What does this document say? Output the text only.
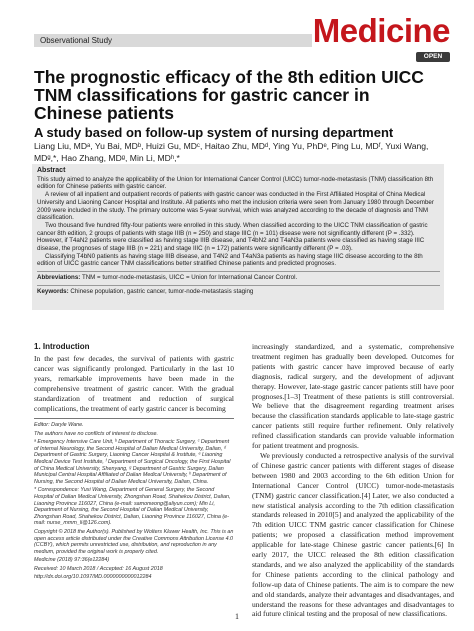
Observational Study	Medicine
OPEN
The prognostic efficacy of the 8th edition UICC TNM classifications for gastric cancer in Chinese patients
A study based on follow-up system of nursing department
Liang Liu, MDᵃ, Yu Bai, MDᵇ, Huizi Gu, MDᶜ, Haitao Zhu, MDᵈ, Ying Yu, PhDᵉ, Ping Lu, MDᶠ, Yuxi Wang, MDᵍ,*, Hao Zhang, MDᵍ, Min Li, MDʰ,*
Abstract

This study aimed to analyze the applicability of the Union for International Cancer Control (UICC) tumor-node-metastasis (TNM) classification 8th edition for Chinese patients with gastric cancer.

A review of all inpatient and outpatient records of patients with gastric cancer was conducted in the First Affiliated Hospital of China Medical University and Liaoning Cancer Hospital and Institute. All patients who met the inclusion criteria were seen from January 1980 through December 2009 were included in the study. The primary outcome was 5-year survival, which was analyzed according to the decade of diagnosis and TNM classification.

Two thousand five hundred fifty-four patients were enrolled in this study. When classified according to the UICC TNM classification of gastric cancer 8th edition, 2 groups of patients with stage IIIB (n = 250) and stage IIIC (n = 101) disease were not significantly different (P = .332). However, if T4aN2 patients were classified as having stage IIIB disease, and T4bN2 and T4aN3a patients were classified as having stage IIIC disease, the prognoses of stage IIIB (n = 221) and stage IIIC (n = 172) patients were significantly different (P = .03).

Classifying T4bN0 patients as having stage IIIB disease, and T4N2 and T4aN3a patients as having stage IIIC disease according to the 8th edition of UICC gastric cancer TNM classifications better stratified Chinese patients and predicted prognoses.

Abbreviations: TNM = tumor-node-metastasis, UICC = Union for International Cancer Control.
Keywords: Chinese population, gastric cancer, tumor-node-metastasis staging
1. Introduction

In the past few decades, the survival of patients with gastric cancer was significantly prolonged. Particularly in the last 10 years, remarkable improvements have been made in the comprehensive treatment of gastric cancer. With the gradual standardization of treatment and reduction of surgical complications, the treatment of early gastric cancer is becoming

Editor: Daryle Wane.

The authors have no conflicts of interest to disclose.

ᵃ Emergency Intensive Care Unit, ᵇ Department of Thoracic Surgery, ᶜ Department of Internal Neurology, the Second Hospital of Dalian Medical University, Dalian, ᵈ Department of Gastric Surgery, Liaoning Cancer Hospital & Institute, ᵉ Liaoning Medical Device Test Institute, ᶠ Department of Surgical Oncology, the First Hospital of China Medical University, Shenyang, ᵍ Department of Gastric Surgery, Dalian Municipal Central Hospital Affiliated of Dalian Medical University, ʰ Department of Nursing, the Second Hospital of Dalian Medical University, Dalian, China.

* Correspondence: Yuxi Wang, Department of General Surgery, the Second Hospital of Dalian Medical University, Zhongshan Road, Shahekou District, Dalian, Liaoning Province 116027, China (e-mail: samonwong@aliyun.com); Min Li, Department of Nursing, the Second Hospital of Dalian Medical University, Zhongshan Road, Shahekou District, Dalian, Liaoning Province 116027, China (e-mail: nurse_mmm_li@126.com).

Copyright © 2018 the Author(s). Published by Wolters Kluwer Health, Inc. This is an open access article distributed under the Creative Commons Attribution License 4.0 (CCBY), which permits unrestricted use, distribution, and reproduction in any medium, provided the original work is properly cited.

Medicine (2018) 97:36(e12284)

Received: 10 March 2018 / Accepted: 16 August 2018

http://dx.doi.org/10.1097/MD.0000000000012284

increasingly standardized, and a systematic, comprehensive treatment regimen has gradually been developed. Outcomes for patients with gastric cancer have improved because of early diagnosis, radical surgery, and the development of adjuvant therapy. However, late-stage gastric cancer patients still have poor prognoses.[1–3] Treatment of these patients is still controversial. We believe that the disagreement regarding treatment arises because the classification standards applicable to late-stage gastric cancer patients still require further refinement. Only relatively refined classification standards can provide valuable information for patient treatment and prognosis.

We previously conducted a retrospective analysis of the survival of Chinese gastric cancer patients with different stages of disease between 1980 and 2003 according to the 6th edition Union for International Cancer Control (UICC) tumor-node-metastasis (TNM) gastric cancer classification.[4] Later, we also conducted a new statistical analysis according to the 7th edition classification standards released in 2010[5] and analyzed the applicability of the 7th edition UICC TNM gastric cancer classification for Chinese patients; we proposed a classification method improvement applicable for late-stage Chinese gastric cancer patients.[6] In early 2017, the UICC released the 8th edition classification standards, and we also analyzed the applicability of the standards for Chinese patients according to the clinical pathology and follow-up data of Chinese patients. The aim is to compare the new and old standards, analyze their advantages and disadvantages, and understand the reasons for these advantages and disadvantages to aid future clinical testing and the proposal of new classifications.

1
